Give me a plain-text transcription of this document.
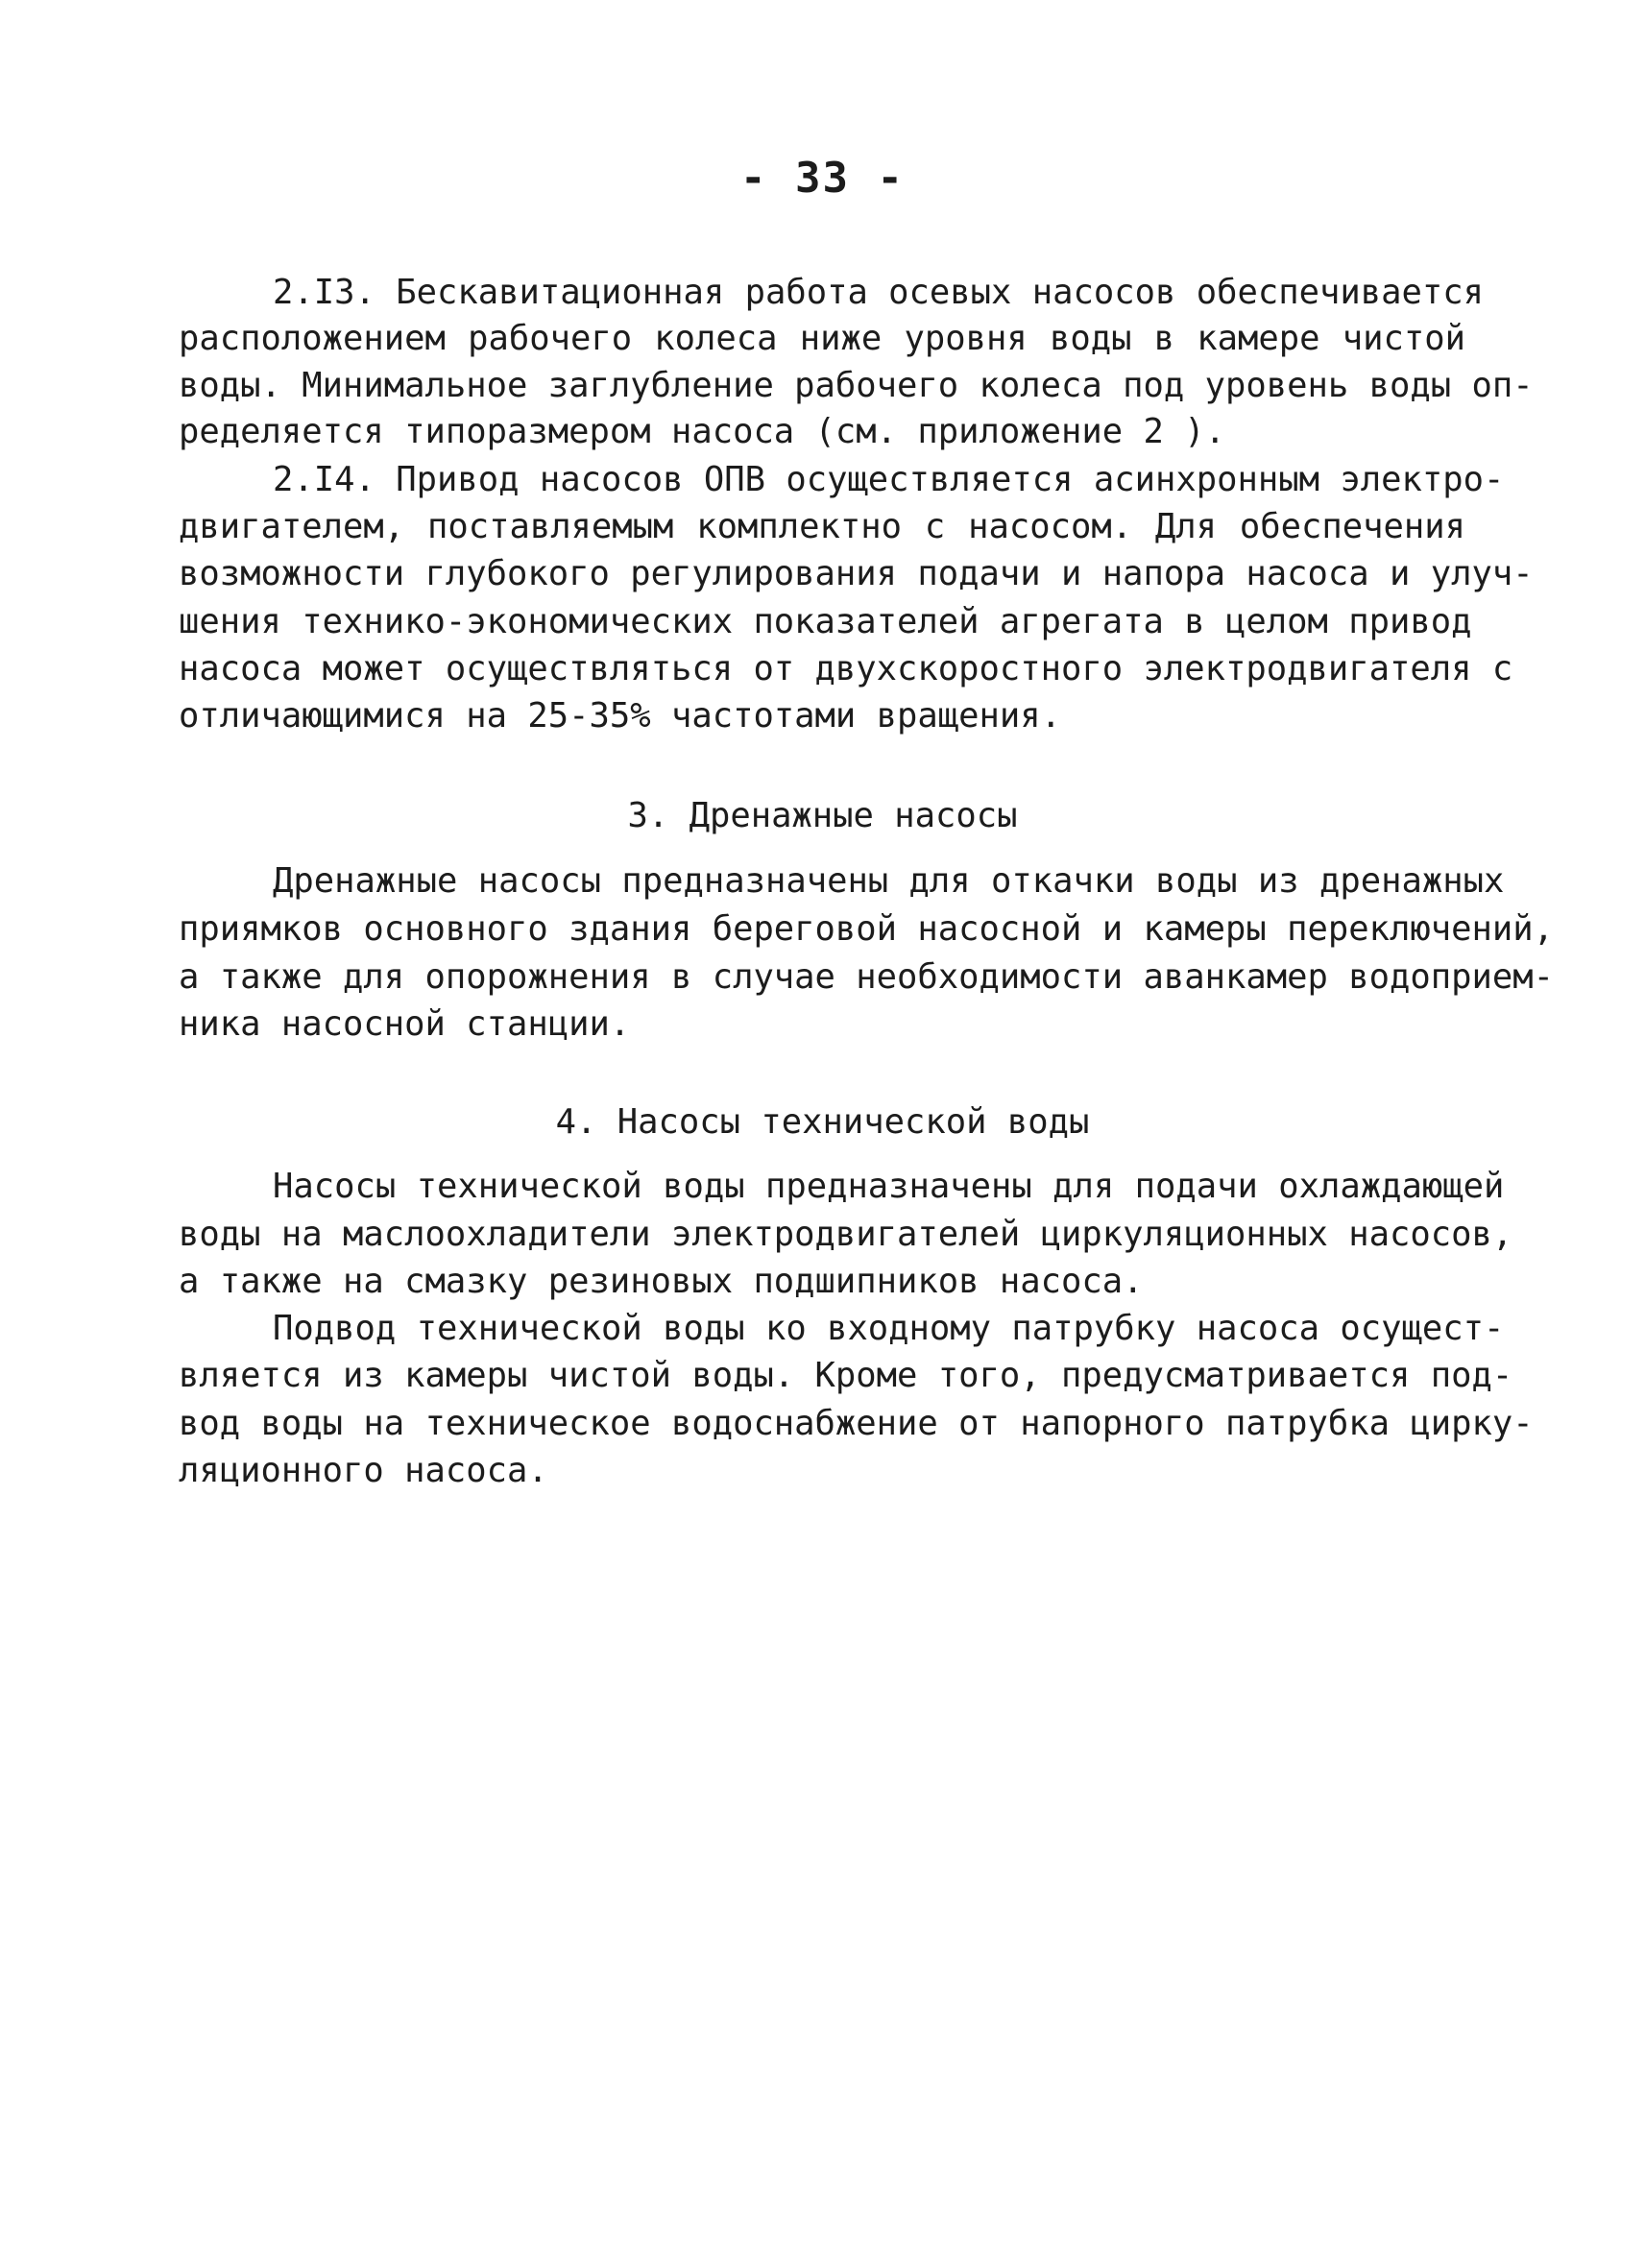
- 33 -

2.I3. Бескавитационная работа осевых насосов обеспечивается

расположением рабочего колеса ниже уровня воды в камере чистой

воды. Минимальное заглубление рабочего колеса под уровень воды оп-

ределяется типоразмером насоса (см. приложение 2 ).

2.I4. Привод насосов ОПВ осуществляется асинхронным электро-

двигателем, поставляемым комплектно с насосом. Для обеспечения

возможности глубокого регулирования подачи и напора насоса и улуч-

шения технико-экономических показателей агрегата в целом привод

насоса может осуществляться от двухскоростного электродвигателя с

отличающимися на 25-35% частотами вращения.

3. Дренажные насосы

Дренажные насосы предназначены для откачки воды из дренажных

приямков основного здания береговой насосной и камеры переключений,

а также для опорожнения в случае необходимости аванкамер водоприем-

ника насосной станции.

4. Насосы технической воды

Насосы технической воды предназначены для подачи охлаждающей

воды на маслоохладители электродвигателей циркуляционных насосов,

а также на смазку резиновых подшипников насоса.

Подвод технической воды ко входному патрубку насоса осущест-

вляется из камеры чистой воды. Кроме того, предусматривается под-

вод воды на техническое водоснабжение от напорного патрубка цирку-

ляционного насоса.
